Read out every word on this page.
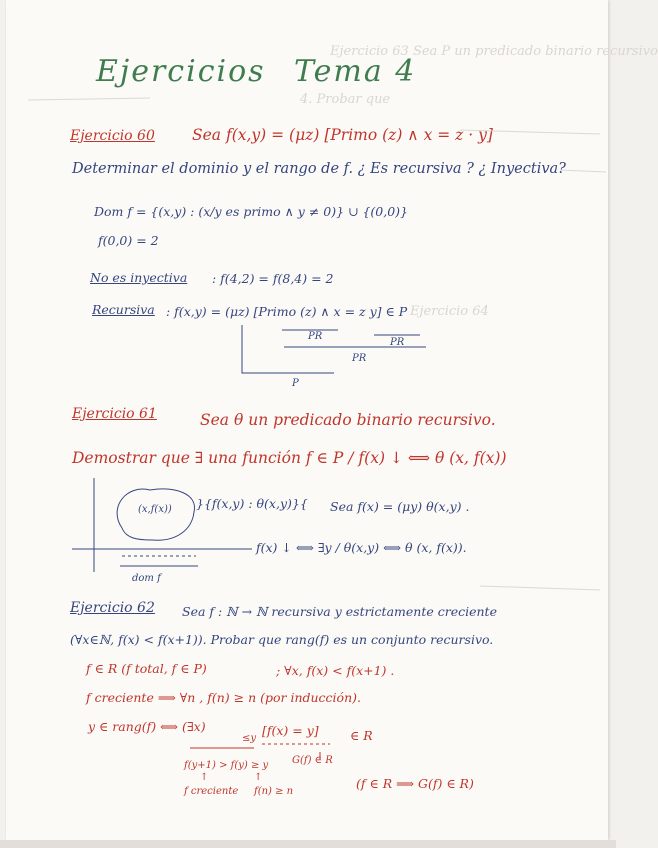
Ejercicio 63 Sea P un predicado binario recursivo
4. Probar que
Ejercicio 64
Ejercicios Tema 4
Ejercicio 60 Sea f(x,y) = (μz) [Primo (z) ∧ x = z · y]
Determinar el dominio y el rango de f. ¿ Es recursiva ? ¿ Inyectiva?
Dom f = {(x,y) : (x/y es primo ∧ y ≠ 0)} ∪ {(0,0)}
f(0,0) = 2
No es inyectiva : f(4,2) = f(8,4) = 2
Recursiva : f(x,y) = (μz) [Primo (z) ∧ x = z y] ∈ P
PR
PR
PR
P
Ejercicio 61	Sea θ un predicado binario recursivo.
Demostrar que ∃ una función f ∈ P / f(x) ↓ ⟺ θ (x, f(x))
(x,f(x)) }{f(x,y) : θ(x,y)}{ Sea f(x) = (μy) θ(x,y) .
f(x) ↓ ⟺ ∃y / θ(x,y) ⟺ θ (x, f(x)).
dom f
Ejercicio 62 Sea f : ℕ → ℕ recursiva y estrictamente creciente
(∀x∈ℕ, f(x) < f(x+1)). Probar que rang(f) es un conjunto recursivo.
f ∈ R (f total, f ∈ P)	; ∀x, f(x) < f(x+1) .
f creciente ⟹ ∀n , f(n) ≥ n (por inducción).
y ∈ rang(f) ⟺ (∃x)	[f(x) = y]	∈ R
≤y
G(f) ∈ R
f(y+1) > f(y) ≥ y
↑	↑
f creciente f(n) ≥ n
(f ∈ R ⟹ G(f) ∈ R)
